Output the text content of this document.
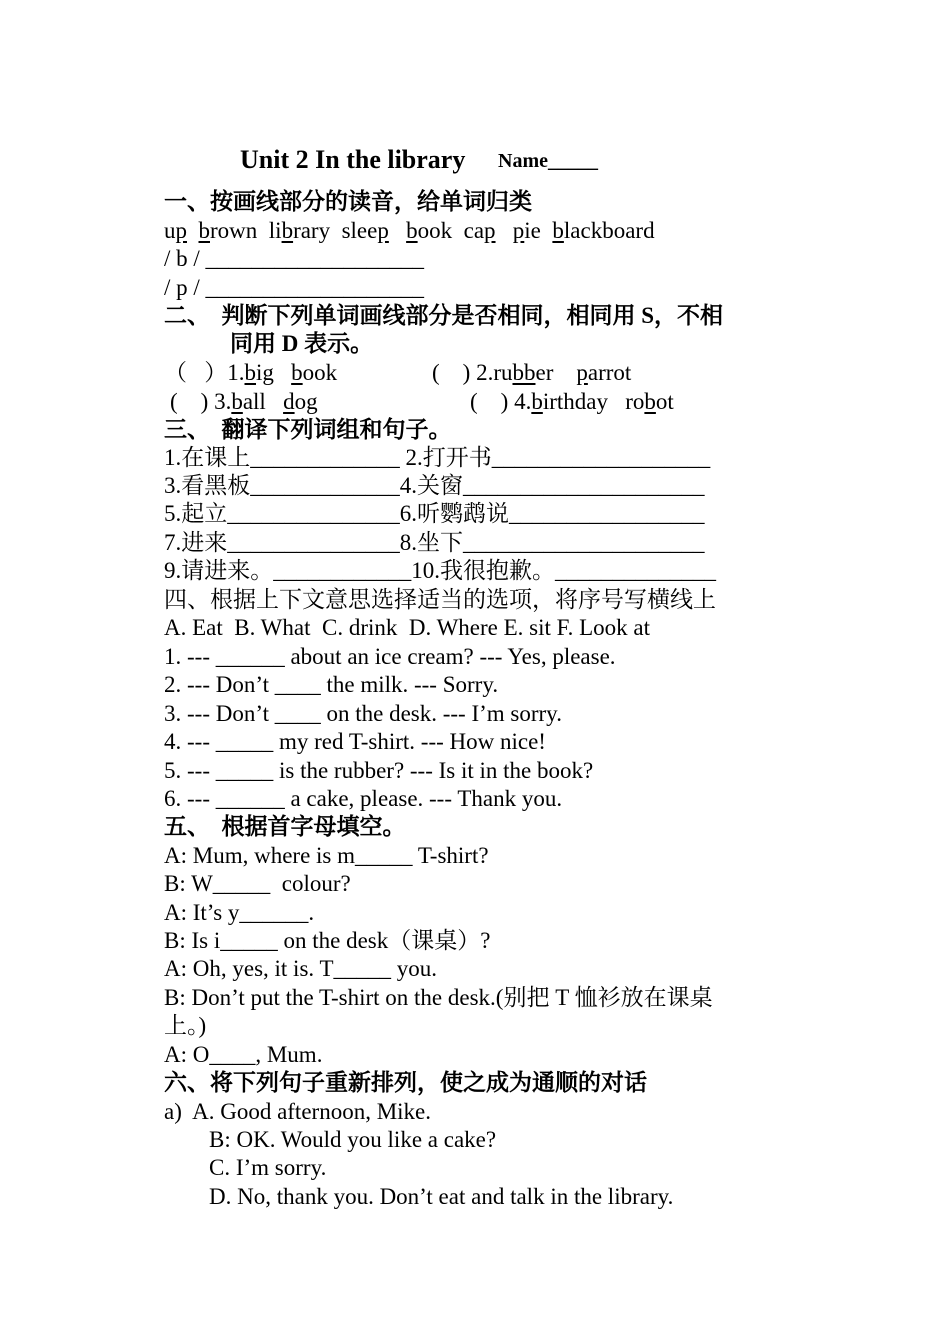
Unit 2 In the library Name_____
一、按画线部分的读音，给单词归类
up brown library sleep book cap pie blackboard
/ b / ___________________
/ p / ___________________
二、  判断下列单词画线部分是否相同，相同用 S，不相
同用 D 表示。
（   ）1.big   book	(    ) 2.rubber    parrot
(    ) 3.ball   dog	(    ) 4.birthday   robot
三、  翻译下列词组和句子。
1.在课上_____________ 2.打开书___________________
3.看黑板_____________4.关窗_____________________
5.起立_______________6.听鹦鹉说_________________
7.进来_______________8.坐下_____________________
9.请进来。____________10.我很抱歉。______________
四、根据上下文意思选择适当的选项，将序号写横线上
A. Eat  B. What  C. drink  D. Where E. sit F. Look at
1. --- ______ about an ice cream? --- Yes, please.
2. --- Don’t ____ the milk. --- Sorry.
3. --- Don’t ____ on the desk. --- I’m sorry.
4. --- _____ my red T-shirt. --- How nice!
5. --- _____ is the rubber? --- Is it in the book?
6. --- ______ a cake, please. --- Thank you.
五、  根据首字母填空。
A: Mum, where is m_____ T-shirt?
B: W_____  colour?
A: It’s y______.
B: Is i_____ on the desk（课桌）?
A: Oh, yes, it is. T_____ you.
B: Don’t put the T-shirt on the desk.(别把 T 恤衫放在课桌
上。)
A: O____, Mum.
六、将下列句子重新排列，使之成为通顺的对话
a)  A. Good afternoon, Mike.
B: OK. Would you like a cake?
C. I’m sorry.
D. No, thank you. Don’t eat and talk in the library.
